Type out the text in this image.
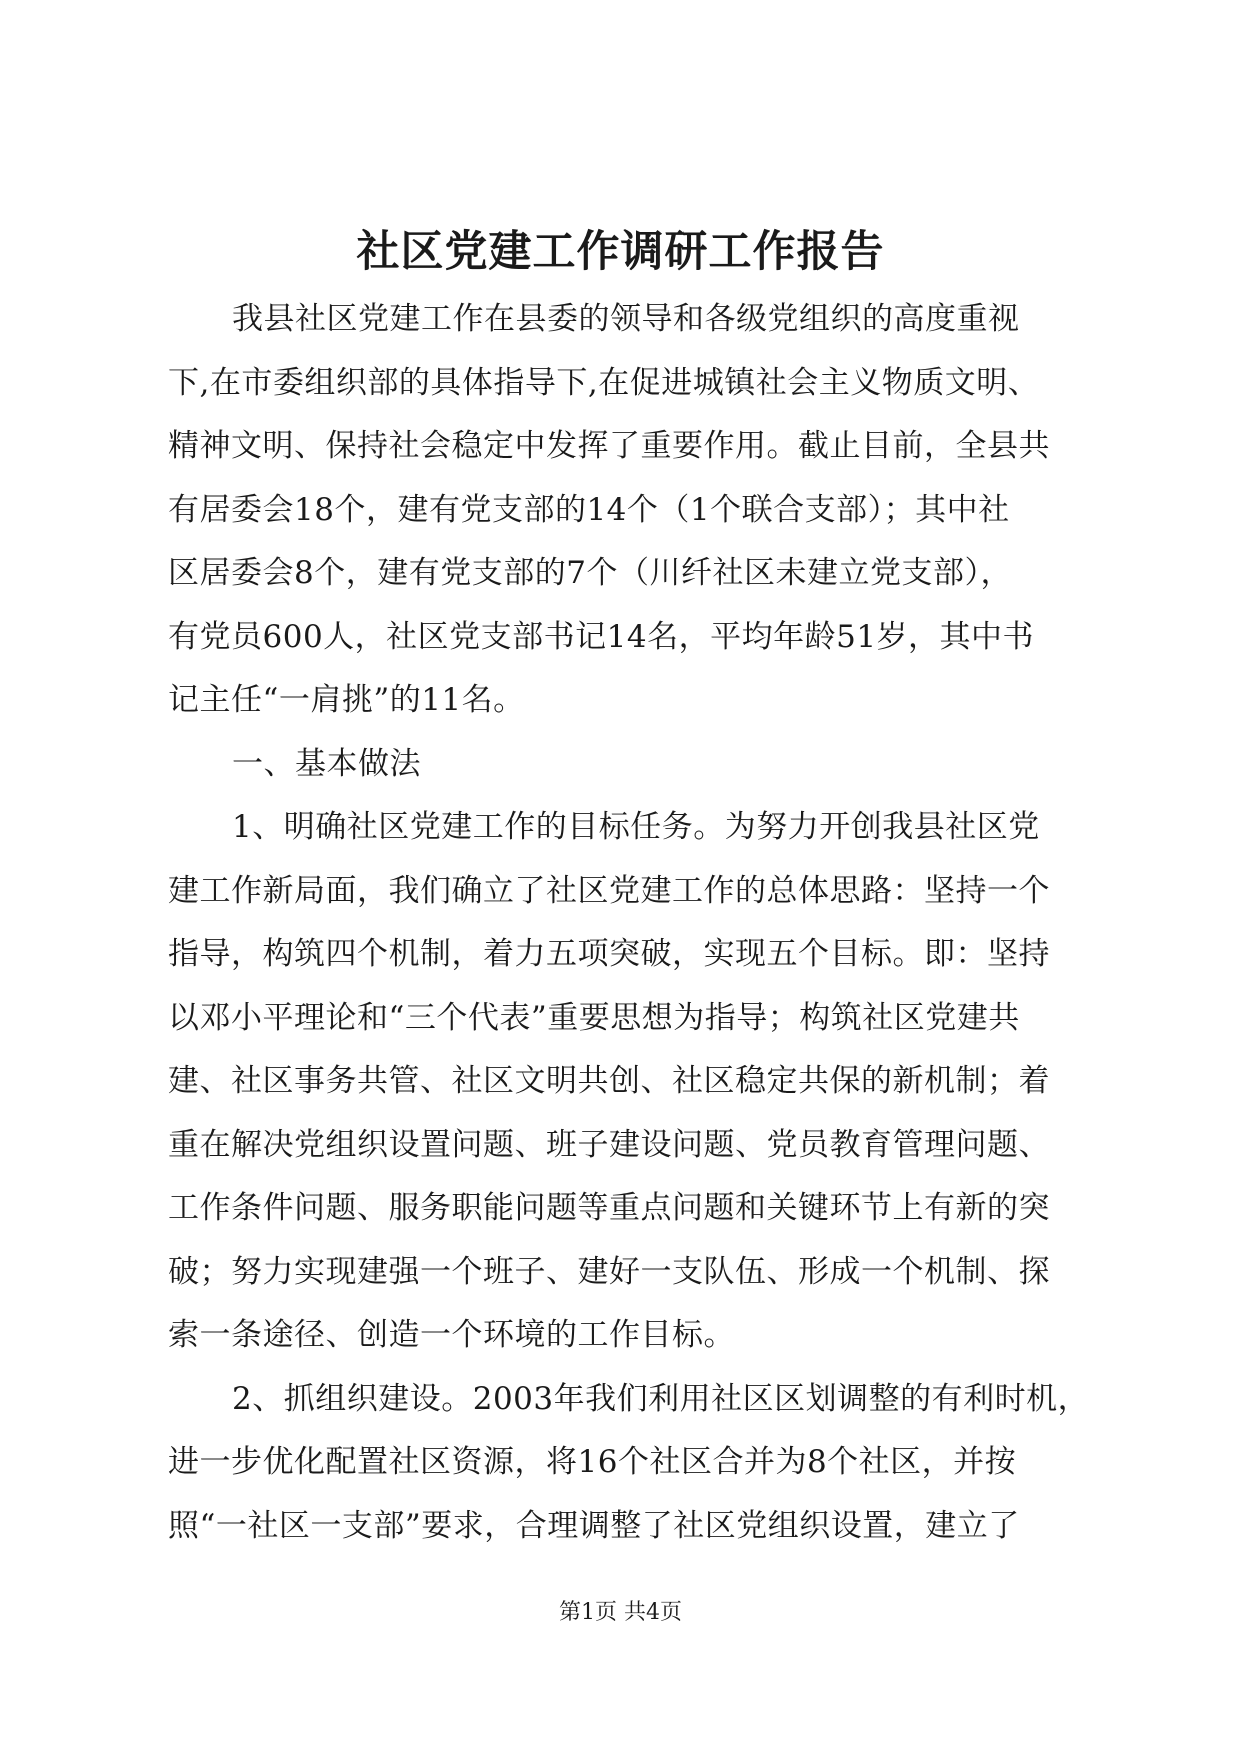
社区党建工作调研工作报告
我县社区党建工作在县委的领导和各级党组织的高度重视
下,在市委组织部的具体指导下,在促进城镇社会主义物质文明、
精神文明、保持社会稳定中发挥了重要作用。截止目前，全县共
有居委会18个，建有党支部的14个（1个联合支部）；其中社
区居委会8个，建有党支部的7个（川纤社区未建立党支部），
有党员600人，社区党支部书记14名，平均年龄51岁，其中书
记主任“一肩挑”的11名。
一、基本做法
1、明确社区党建工作的目标任务。为努力开创我县社区党
建工作新局面，我们确立了社区党建工作的总体思路：坚持一个
指导，构筑四个机制，着力五项突破，实现五个目标。即：坚持
以邓小平理论和“三个代表”重要思想为指导；构筑社区党建共
建、社区事务共管、社区文明共创、社区稳定共保的新机制；着
重在解决党组织设置问题、班子建设问题、党员教育管理问题、
工作条件问题、服务职能问题等重点问题和关键环节上有新的突
破；努力实现建强一个班子、建好一支队伍、形成一个机制、探
索一条途径、创造一个环境的工作目标。
2、抓组织建设。2003年我们利用社区区划调整的有利时机，
进一步优化配置社区资源，将16个社区合并为8个社区，并按
照“一社区一支部”要求，合理调整了社区党组织设置，建立了
第1页 共4页
